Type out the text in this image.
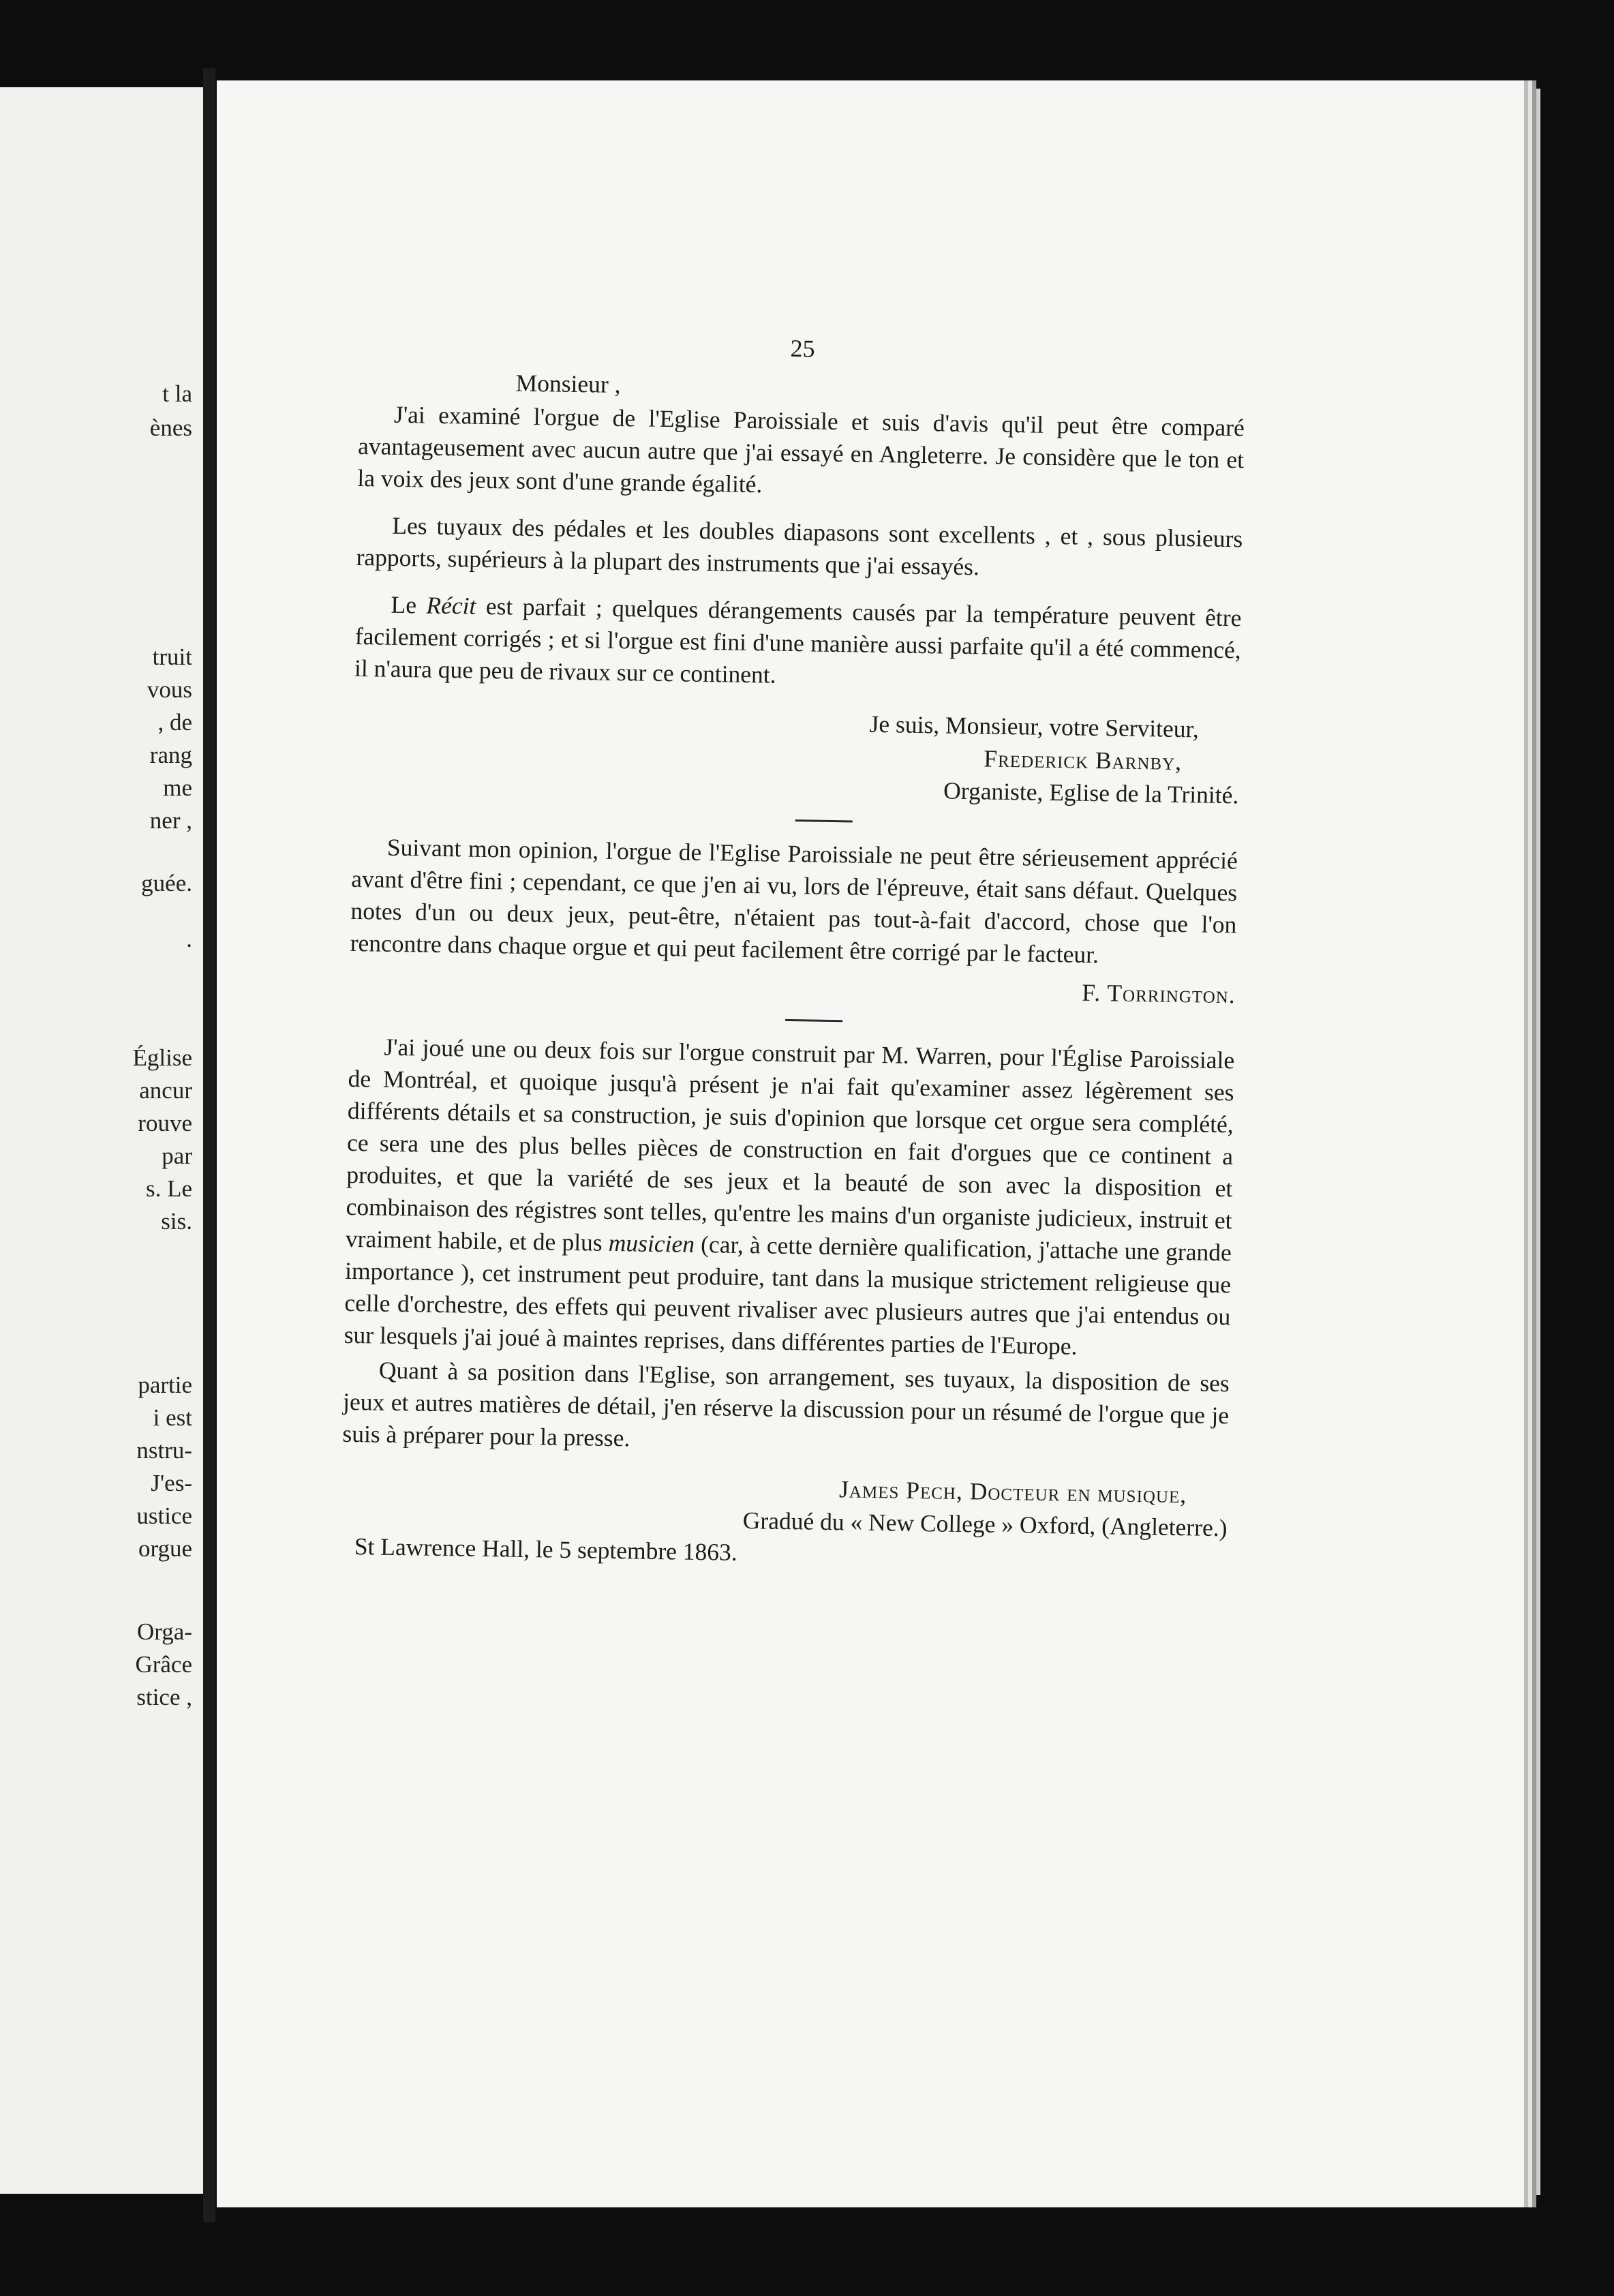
t la
ènes
truit
vous
, de
rang
me
ner ,
guée.
.
Église
ancur
rouve
par
s. Le
sis.
partie
i est
nstru-
J'es-
ustice
orgue
Orga-
Grâce
stice ,
25
Monsieur ,

J'ai examiné l'orgue de l'Eglise Paroissiale et suis d'avis qu'il peut être comparé avantageusement avec aucun autre que j'ai essayé en Angleterre. Je considère que le ton et la voix des jeux sont d'une grande égalité.

Les tuyaux des pédales et les doubles diapasons sont excellents , et , sous plusieurs rapports, supérieurs à la plupart des instruments que j'ai essayés.

Le Récit est parfait ; quelques dérangements causés par la température peuvent être facilement corrigés ; et si l'orgue est fini d'une manière aussi parfaite qu'il a été commencé, il n'aura que peu de rivaux sur ce continent.

Je suis, Monsieur, votre Serviteur,
Frederick Barnby,
Organiste, Eglise de la Trinité.

Suivant mon opinion, l'orgue de l'Eglise Paroissiale ne peut être sérieusement apprécié avant d'être fini ; cependant, ce que j'en ai vu, lors de l'épreuve, était sans défaut. Quelques notes d'un ou deux jeux, peut-être, n'étaient pas tout-à-fait d'accord, chose que l'on rencontre dans chaque orgue et qui peut facilement être corrigé par le facteur.

F. Torrington.

J'ai joué une ou deux fois sur l'orgue construit par M. Warren, pour l'Église Paroissiale de Montréal, et quoique jusqu'à présent je n'ai fait qu'examiner assez légèrement ses différents détails et sa construction, je suis d'opinion que lorsque cet orgue sera complété, ce sera une des plus belles pièces de construction en fait d'orgues que ce continent a produites, et que la variété de ses jeux et la beauté de son avec la disposition et combinaison des régistres sont telles, qu'entre les mains d'un organiste judicieux, instruit et vraiment habile, et de plus musicien (car, à cette dernière qualification, j'attache une grande importance ), cet instrument peut produire, tant dans la musique strictement religieuse que celle d'orchestre, des effets qui peuvent rivaliser avec plusieurs autres que j'ai entendus ou sur lesquels j'ai joué à maintes reprises, dans différentes parties de l'Europe.

Quant à sa position dans l'Eglise, son arrangement, ses tuyaux, la disposition de ses jeux et autres matières de détail, j'en réserve la discussion pour un résumé de l'orgue que je suis à préparer pour la presse.

James Pech, Docteur en musique,
Gradué du « New College » Oxford, (Angleterre.)
St Lawrence Hall, le 5 septembre 1863.
